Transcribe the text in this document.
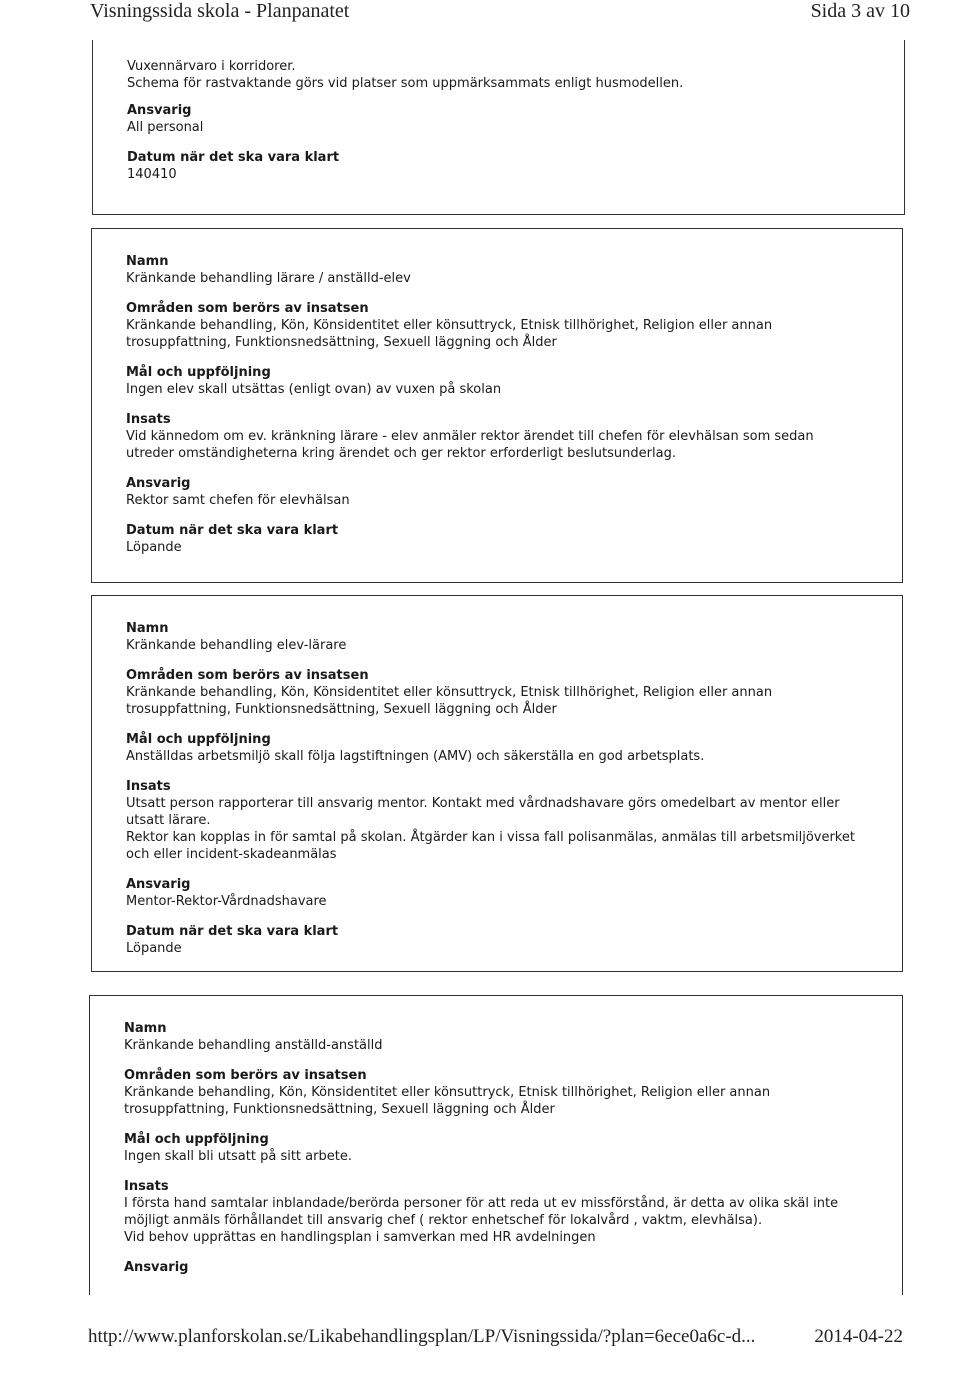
Visningssida skola - Planpanatet	Sida 3 av 10
Vuxennärvaro i korridorer.
Schema för rastvaktande görs vid platser som uppmärksammats enligt husmodellen.
Ansvarig
All personal
Datum när det ska vara klart
140410
Namn
Kränkande behandling lärare / anställd-elev
Områden som berörs av insatsen
Kränkande behandling, Kön, Könsidentitet eller könsuttryck, Etnisk tillhörighet, Religion eller annan trosuppfattning, Funktionsnedsättning, Sexuell läggning och Ålder
Mål och uppföljning
Ingen elev skall utsättas (enligt ovan) av vuxen på skolan
Insats
Vid kännedom om ev. kränkning lärare - elev anmäler rektor ärendet till chefen för elevhälsan som sedan utreder omständigheterna kring ärendet och ger rektor erforderligt beslutsunderlag.
Ansvarig
Rektor samt chefen för elevhälsan
Datum när det ska vara klart
Löpande
Namn
Kränkande behandling elev-lärare
Områden som berörs av insatsen
Kränkande behandling, Kön, Könsidentitet eller könsuttryck, Etnisk tillhörighet, Religion eller annan trosuppfattning, Funktionsnedsättning, Sexuell läggning och Ålder
Mål och uppföljning
Anställdas arbetsmiljö skall följa lagstiftningen (AMV) och säkerställa en god arbetsplats.
Insats
Utsatt person rapporterar till ansvarig mentor. Kontakt med vårdnadshavare görs omedelbart av mentor eller utsatt lärare.
Rektor kan kopplas in för samtal på skolan. Åtgärder kan i vissa fall polisanmälas, anmälas till arbetsmiljöverket och eller incident-skadeanmälas
Ansvarig
Mentor-Rektor-Vårdnadshavare
Datum när det ska vara klart
Löpande
Namn
Kränkande behandling anställd-anställd
Områden som berörs av insatsen
Kränkande behandling, Kön, Könsidentitet eller könsuttryck, Etnisk tillhörighet, Religion eller annan trosuppfattning, Funktionsnedsättning, Sexuell läggning och Ålder
Mål och uppföljning
Ingen skall bli utsatt på sitt arbete.
Insats
I första hand samtalar inblandade/berörda personer för att reda ut ev missförstånd, är detta av olika skäl inte möjligt anmäls förhållandet till ansvarig chef ( rektor enhetschef för lokalvård , vaktm, elevhälsa).
Vid behov upprättas en handlingsplan i samverkan med HR avdelningen
Ansvarig
http://www.planforskolan.se/Likabehandlingsplan/LP/Visningssida/?plan=6ece0a6c-d...	2014-04-22
